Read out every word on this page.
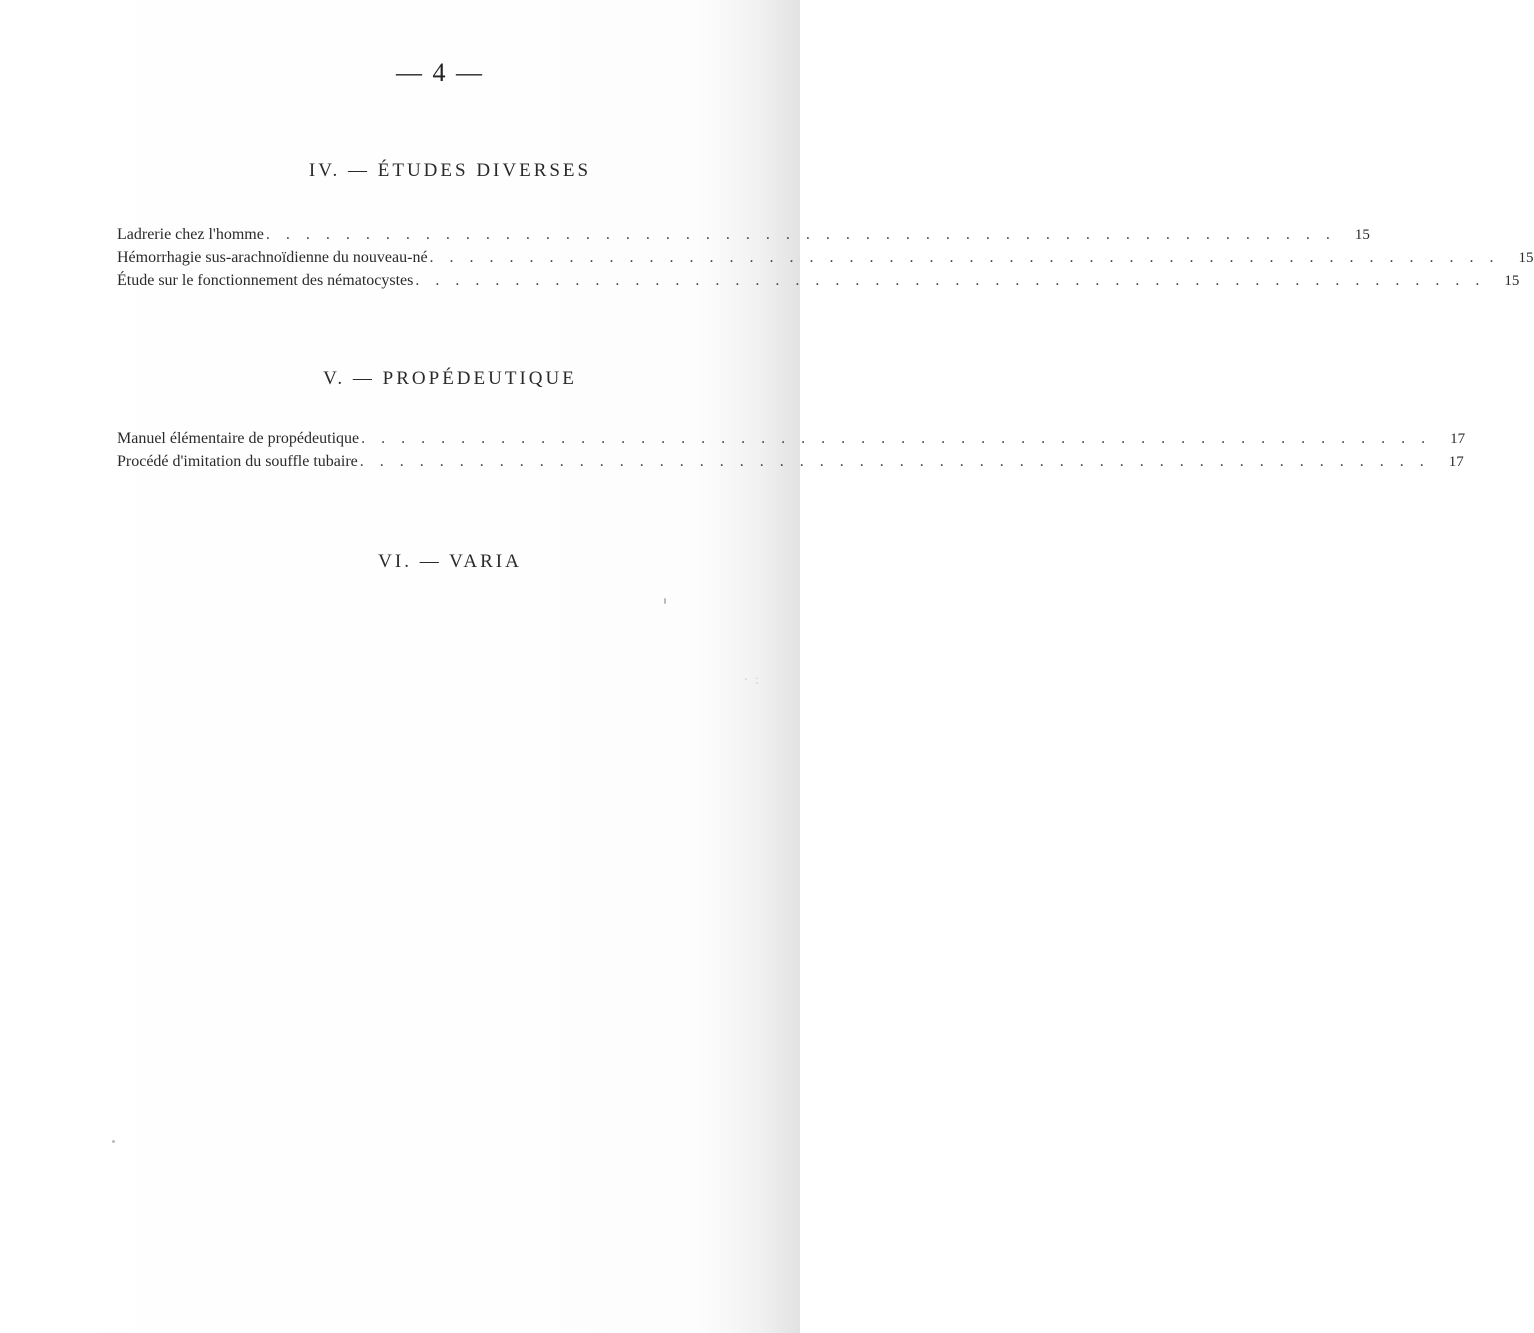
— 4 —
IV. — ÉTUDES DIVERSES
Ladrerie chez l'homme . . . . . . . . . . . . . . . . . . . . . . . . . . . . . . . . . . . . . . . . . . . . . . . . . . . . . .	15
Hémorrhagie sus-arachnoïdienne du nouveau-né . . . . . . . . . . . . . . . . . . . . . . . . . . . . . . . . . . . . . . . . . . . . . . . . . . . . . .	15
Étude sur le fonctionnement des nématocystes . . . . . . . . . . . . . . . . . . . . . . . . . . . . . . . . . . . . . . . . . . . . . . . . . . . . . .	15
V. — PROPÉDEUTIQUE
Manuel élémentaire de propédeutique . . . . . . . . . . . . . . . . . . . . . . . . . . . . . . . . . . . . . . . . . . . . . . . . . . . . . .	17
Procédé d'imitation du souffle tubaire . . . . . . . . . . . . . . . . . . . . . . . . . . . . . . . . . . . . . . . . . . . . . . . . . . . . . .	17
VI. — VARIA
·  :
